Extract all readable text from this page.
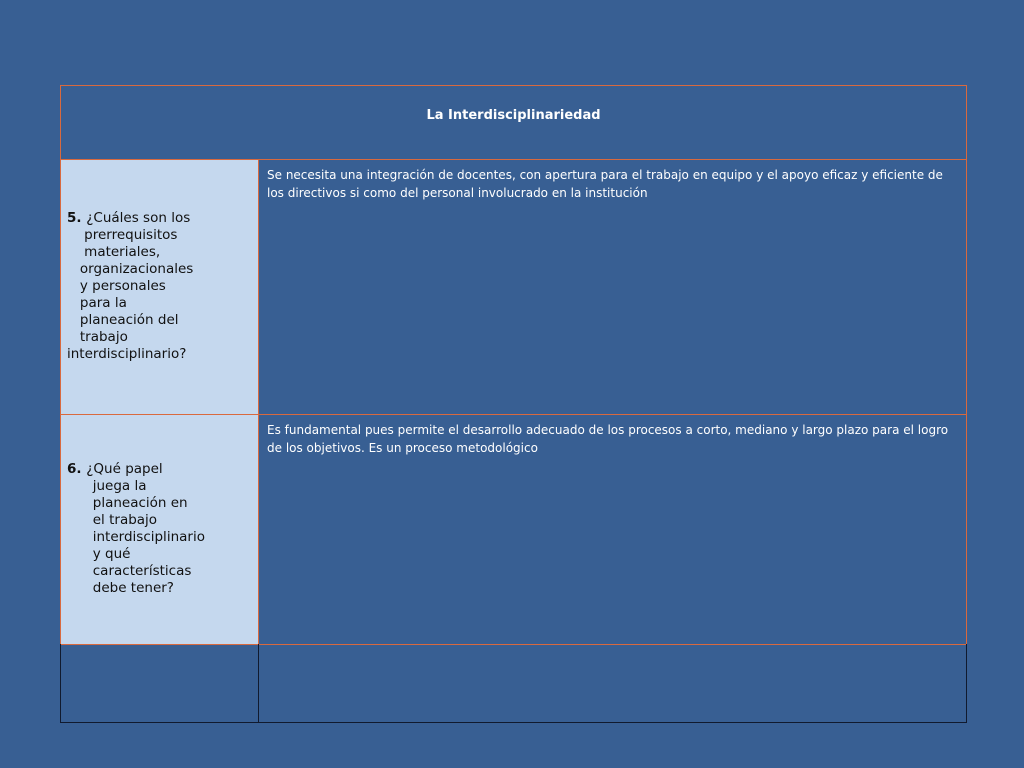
La Interdisciplinariedad
5. ¿Cuáles son los
prerrequisitos
materiales,
organizacionales
y personales
para la
planeación del
trabajo
interdisciplinario?
Se necesita una integración de docentes, con apertura para el trabajo en equipo y el apoyo eficaz y eficiente de los directivos si como del personal involucrado en la institución
6. ¿Qué papel
juega la
planeación en
el trabajo
interdisciplinario
y qué
características
debe tener?
Es fundamental pues permite el desarrollo adecuado de los procesos a corto, mediano y largo plazo para el logro de los objetivos. Es un proceso metodológico
